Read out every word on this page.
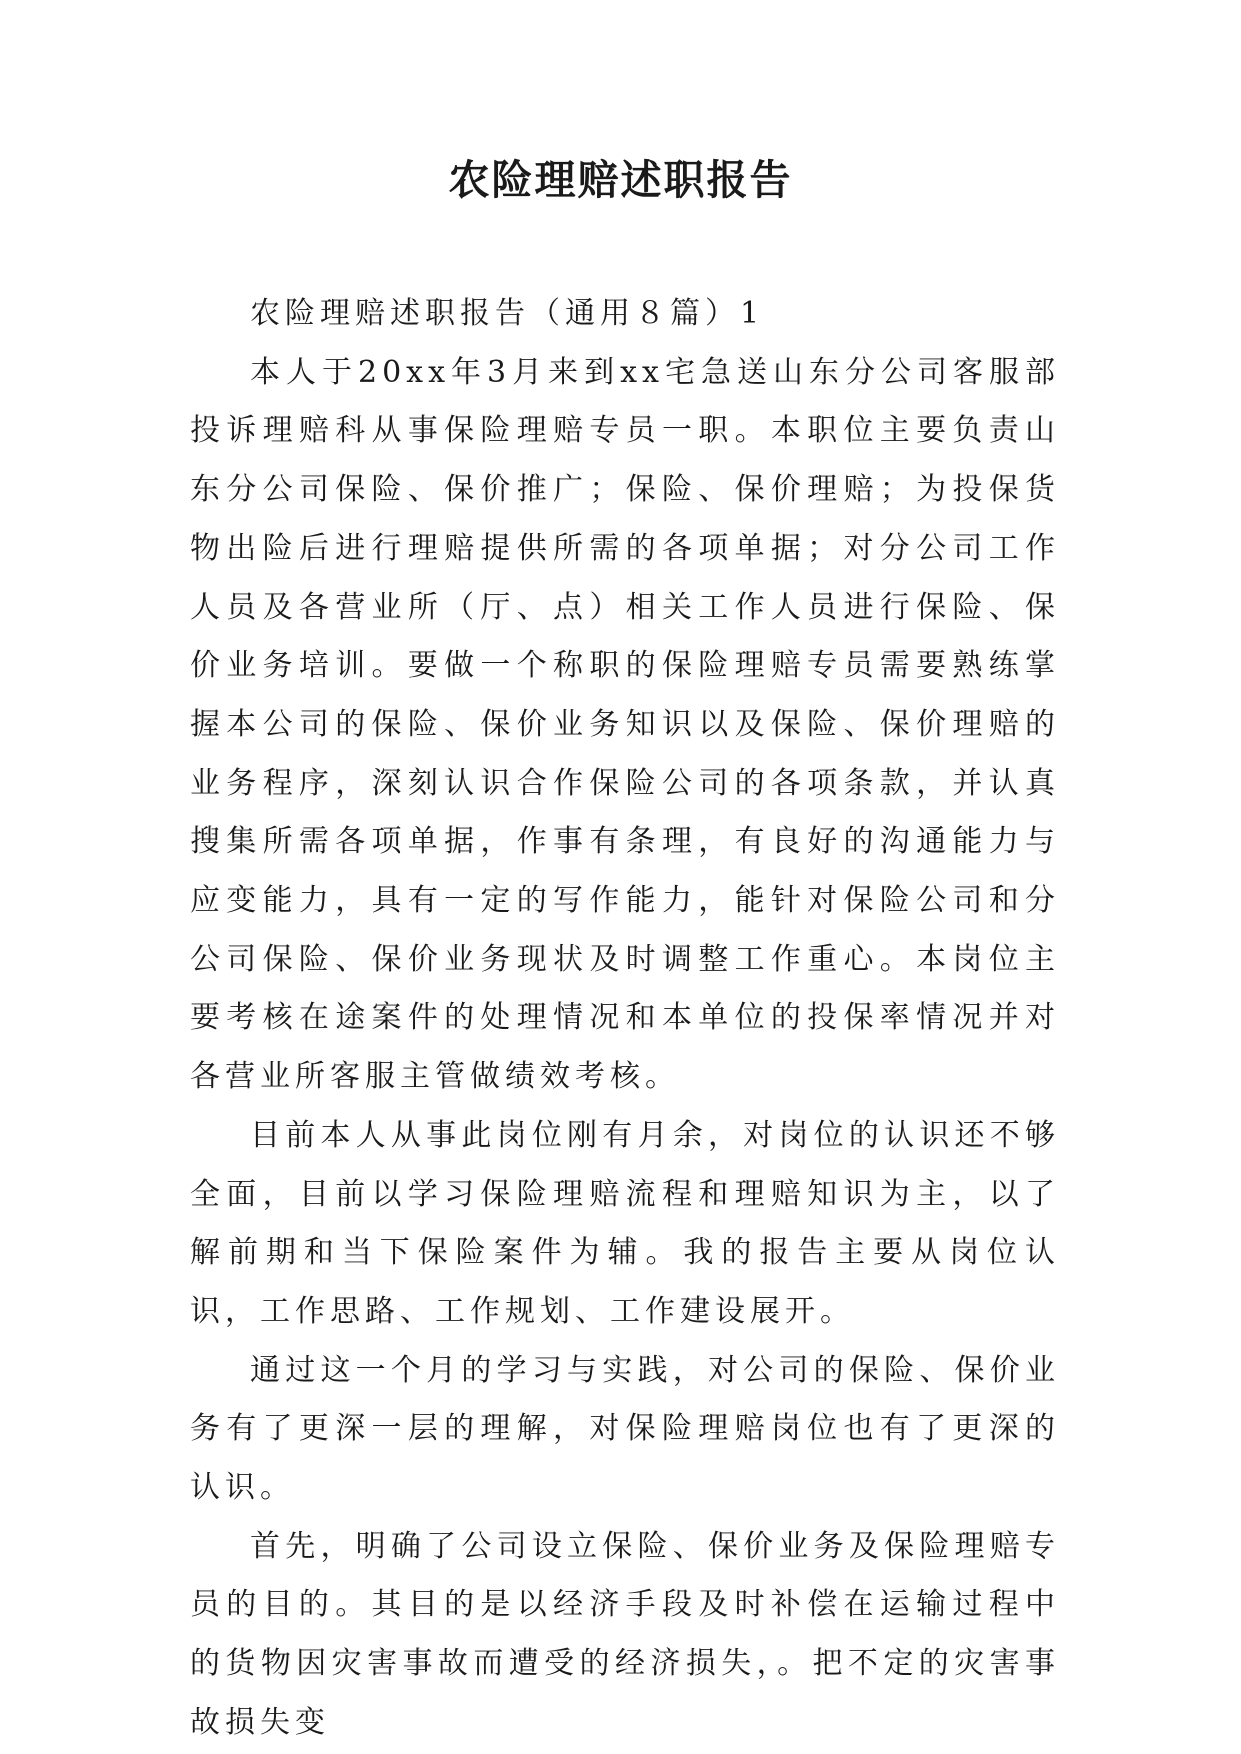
农险理赔述职报告

农险理赔述职报告（通用８篇）1

本人于20xx年3月来到xx宅急送山东分公司客服部投诉理赔科从事保险理赔专员一职。本职位主要负责山东分公司保险、保价推广；保险、保价理赔；为投保货物出险后进行理赔提供所需的各项单据；对分公司工作人员及各营业所（厅、点）相关工作人员进行保险、保价业务培训。要做一个称职的保险理赔专员需要熟练掌握本公司的保险、保价业务知识以及保险、保价理赔的业务程序，深刻认识合作保险公司的各项条款，并认真搜集所需各项单据，作事有条理，有良好的沟通能力与应变能力，具有一定的写作能力，能针对保险公司和分公司保险、保价业务现状及时调整工作重心。本岗位主要考核在途案件的处理情况和本单位的投保率情况并对各营业所客服主管做绩效考核。

目前本人从事此岗位刚有月余，对岗位的认识还不够全面，目前以学习保险理赔流程和理赔知识为主，以了解前期和当下保险案件为辅。我的报告主要从岗位认识，工作思路、工作规划、工作建设展开。

通过这一个月的学习与实践，对公司的保险、保价业务有了更深一层的理解，对保险理赔岗位也有了更深的认识。

首先，明确了公司设立保险、保价业务及保险理赔专员的目的。其目的是以经济手段及时补偿在运输过程中的货物因灾害事故而遭受的经济损失，。把不定的灾害事故损失变
